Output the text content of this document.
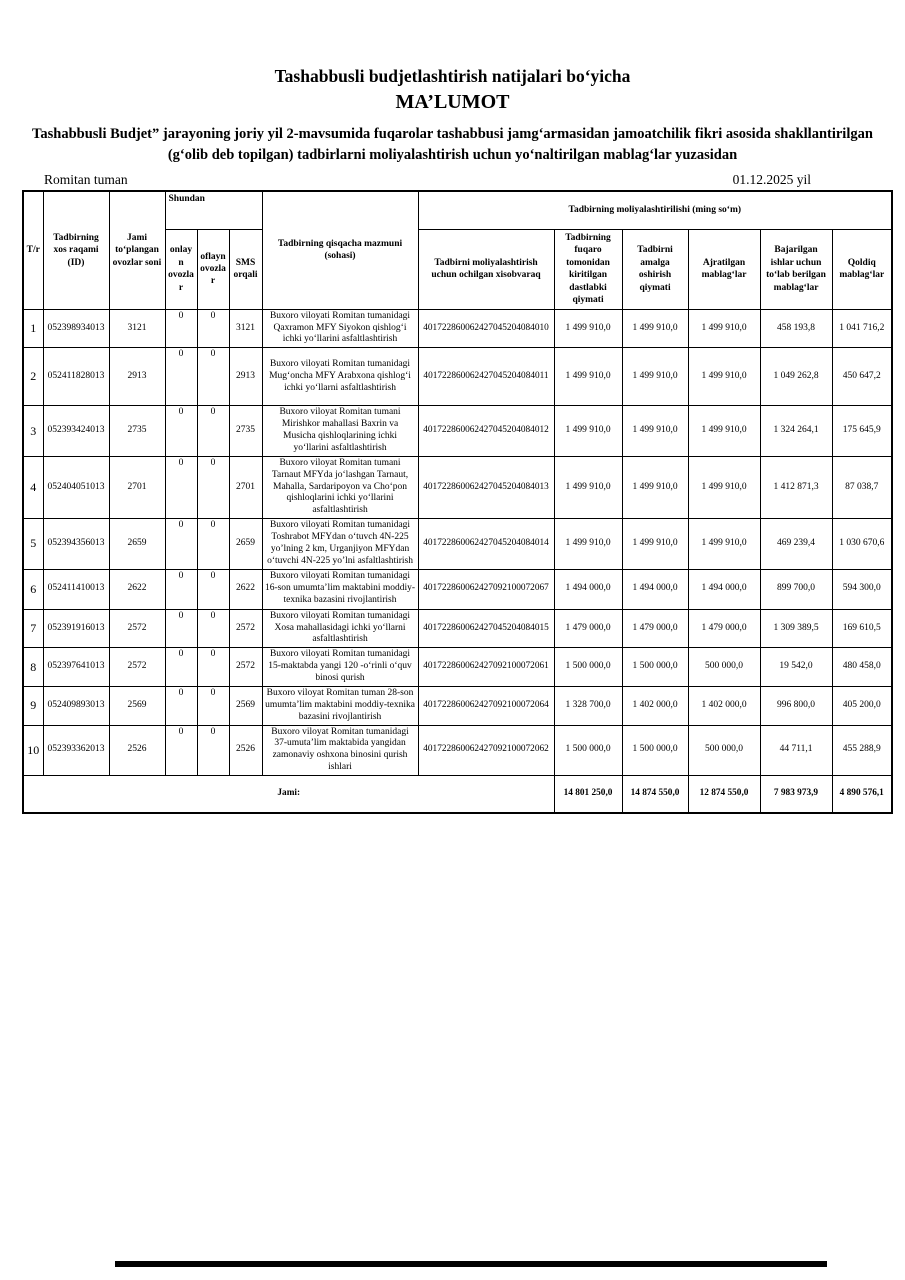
Tashabbusli budjetlashtirish natijalari bo‘yicha
MA’LUMOT

Tashabbusli Budjet” jarayoning joriy yil 2-mavsumida fuqarolar tashabbusi jamg‘armasidan jamoatchilik fikri asosida shakllantirilgan (g‘olib deb topilgan) tadbirlarni moliyalashtirish uchun yo‘naltirilgan mablag‘lar yuzasidan

Romitan tuman	01.12.2025 yil
T/r	Tadbirning xos raqami (ID)	Jami to‘plangan ovozlar soni	Shundan			Tadbirning qisqacha mazmuni (sohasi)	Tadbirning moliyalashtirilishi (ming so‘m)					
			onlayn ovozlar	oflayn ovozlar	SMS orqali		Tadbirni moliyalashtirish uchun ochilgan xisobvaraq	Tadbirning fuqaro tomonidan kiritilgan dastlabki qiymati	Tadbirni amalga oshirish qiymati	Ajratilgan mablag‘lar	Bajarilgan ishlar uchun to‘lab berilgan mablag‘lar	Qoldiq mablag‘lar
1	052398934013	3121	0	0	3121	Buxoro viloyati Romitan tumanidagi Qaxramon MFY Siyokon qishlog‘i ichki yo‘llarini asfaltlashtirish	401722860062427045204084010	1 499 910,0	1 499 910,0	1 499 910,0	458 193,8	1 041 716,2
2	052411828013	2913	0	0	2913	Buxoro viloyati Romitan tumanidagi Mug‘oncha MFY Arabxona qishlog‘i ichki yo‘llarni asfaltlashtirish	401722860062427045204084011	1 499 910,0	1 499 910,0	1 499 910,0	1 049 262,8	450 647,2
3	052393424013	2735	0	0	2735	Buxoro viloyat Romitan tumani Mirishkor mahallasi Baxrin va Musicha qishloqlarining ichki yo‘llarini asfaltlashtirish	401722860062427045204084012	1 499 910,0	1 499 910,0	1 499 910,0	1 324 264,1	175 645,9
4	052404051013	2701	0	0	2701	Buxoro viloyat Romitan tumani Tarnaut MFYda jo‘lashgan Tarnaut, Mahalla, Sardaripoyon va Cho‘pon qishloqlarini ichki yo‘llarini asfaltlashtirish	401722860062427045204084013	1 499 910,0	1 499 910,0	1 499 910,0	1 412 871,3	87 038,7
5	052394356013	2659	0	0	2659	Buxoro viloyati Romitan tumanidagi Toshrabot MFYdan o‘tuvch 4N-225 yo’lning 2 km, Urganjiyon MFYdan o‘tuvchi 4N-225 yo’lni asfaltlashtirish	401722860062427045204084014	1 499 910,0	1 499 910,0	1 499 910,0	469 239,4	1 030 670,6
6	052411410013	2622	0	0	2622	Buxoro viloyati Romitan tumanidagi 16-son umumta’lim maktabini moddiy-texnika bazasini rivojlantirish	401722860062427092100072067	1 494 000,0	1 494 000,0	1 494 000,0	899 700,0	594 300,0
7	052391916013	2572	0	0	2572	Buxoro viloyati Romitan tumanidagi Xosa mahallasidagi ichki yo‘llarni asfaltlashtirish	401722860062427045204084015	1 479 000,0	1 479 000,0	1 479 000,0	1 309 389,5	169 610,5
8	052397641013	2572	0	0	2572	Buxoro viloyati Romitan tumanidagi 15-maktabda yangi 120 -o‘rinli o‘quv binosi qurish	401722860062427092100072061	1 500 000,0	1 500 000,0	500 000,0	19 542,0	480 458,0
9	052409893013	2569	0	0	2569	Buxoro viloyat Romitan tuman 28-son umumta’lim maktabini moddiy-texnika bazasini rivojlantirish	401722860062427092100072064	1 328 700,0	1 402 000,0	1 402 000,0	996 800,0	405 200,0
10	052393362013	2526	0	0	2526	Buxoro viloyat Romitan tumanidagi 37-umuta’lim maktabida yangidan zamonaviy oshxona binosini qurish ishlari	401722860062427092100072062	1 500 000,0	1 500 000,0	500 000,0	44 711,1	455 288,9
Jami:								14 801 250,0	14 874 550,0	12 874 550,0	7 983 973,9	4 890 576,1
